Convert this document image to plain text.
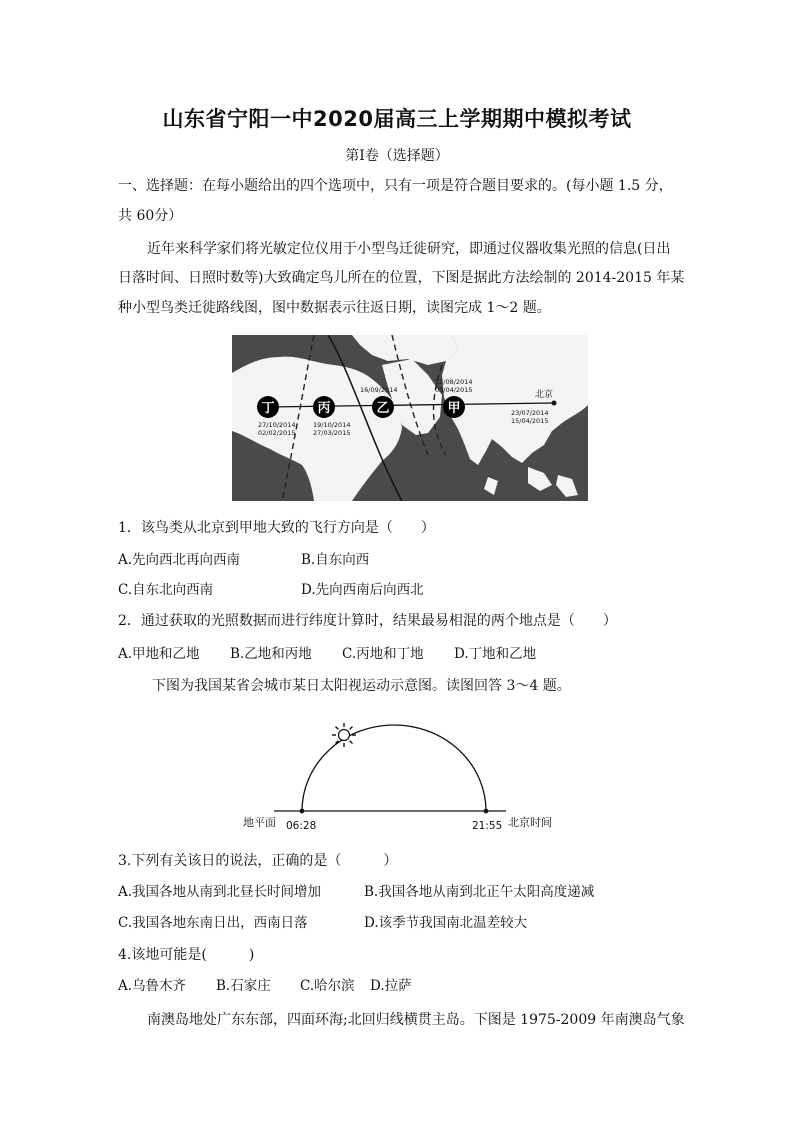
山东省宁阳一中2020届高三上学期期中模拟考试
第Ⅰ卷（选择题）
一、选择题：在每小题给出的四个选项中，只有一项是符合题目要求的。(每小题 1.5 分，
共 60分）
近年来科学家们将光敏定位仪用于小型鸟迁徙研究，即通过仪器收集光照的信息(日出
日落时间、日照时数等)大致确定鸟儿所在的位置，下图是据此方法绘制的 2014-2015 年某
种小型鸟类迁徙路线图，图中数据表示往返日期，读图完成 1～2 题。
丁	丙	乙	甲
27/10/2014
02/02/2015
19/10/2014
27/03/2015
16/09/2014
13/08/2014
03/04/2015	北京
23/07/2014
15/04/2015
1．该鸟类从北京到甲地大致的飞行方向是（　　）
A.先向西北再向西南	B.自东向西
C.自东北向西南	D.先向西南后向西北
2．通过获取的光照数据而进行纬度计算时，结果最易相混的两个地点是（　　）
A.甲地和乙地 B.乙地和丙地 C.丙地和丁地 D.丁地和乙地
下图为我国某省会城市某日太阳视运动示意图。读图回答 3～4 题。
地平面 06:28	21:55 北京时间
3.下列有关该日的说法，正确的是（　　　）
A.我国各地从南到北昼长时间增加	B.我国各地从南到北正午太阳高度递减
C.我国各地东南日出，西南日落	D.该季节我国南北温差较大
4.该地可能是(　　　)
A.乌鲁木齐 B.石家庄 C.哈尔滨 D.拉萨
南澳岛地处广东东部，四面环海;北回归线横贯主岛。下图是 1975-2009 年南澳岛气象
